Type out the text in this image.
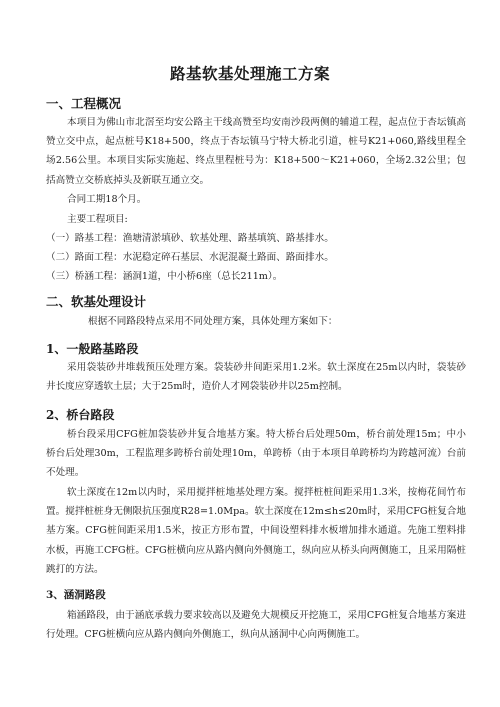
路基软基处理施工方案
一、工程概况
本项目为佛山市北滘至均安公路主干线高赞至均安南沙段两侧的辅道工程，起点位于杏坛镇高赞立交中点，起点桩号K18+500，终点于杏坛镇马宁特大桥北引道，桩号K21+060,路线里程全场2.56公里。本项目实际实施起、终点里程桩号为：K18+500～K21+060，全场2.32公里；包括高赞立交桥底掉头及新联互通立交。
合同工期18个月。
主要工程项目:
（一）路基工程：渔塘清淤填砂、软基处理、路基填筑、路基排水。
（二）路面工程：水泥稳定碎石基层、水泥混凝土路面、路面排水。
（三）桥涵工程：涵洞1道，中小桥6座（总长211m）。
二、软基处理设计
根据不同路段特点采用不同处理方案，具体处理方案如下：
1、一般路基路段
采用袋装砂井堆载预压处理方案。袋装砂井间距采用1.2米。软土深度在25m以内时，袋装砂井长度应穿透软土层；大于25m时，造价人才网袋装砂井以25m控制。
2、桥台路段
桥台段采用CFG桩加袋装砂井复合地基方案。特大桥台后处理50m，桥台前处理15m；中小桥台后处理30m，工程监理多跨桥台前处理10m，单跨桥（由于本项目单跨桥均为跨越河流）台前不处理。
软土深度在12m以内时，采用搅拌桩地基处理方案。搅拌桩桩间距采用1.3米，按梅花间竹布置。搅拌桩桩身无侧限抗压强度R28=1.0Mpa。软土深度在12m≤h≤20m时，采用CFG桩复合地基方案。CFG桩间距采用1.5米，按正方形布置，中间设塑料排水板增加排水通道。先施工塑料排水板，再施工CFG桩。CFG桩横向应从路内侧向外侧施工，纵向应从桥头向两侧施工，且采用隔桩跳打的方法。
3、涵洞路段
箱涵路段，由于涵底承载力要求较高以及避免大规模反开挖施工，采用CFG桩复合地基方案进行处理。CFG桩横向应从路内侧向外侧施工，纵向从涵洞中心向两侧施工。
